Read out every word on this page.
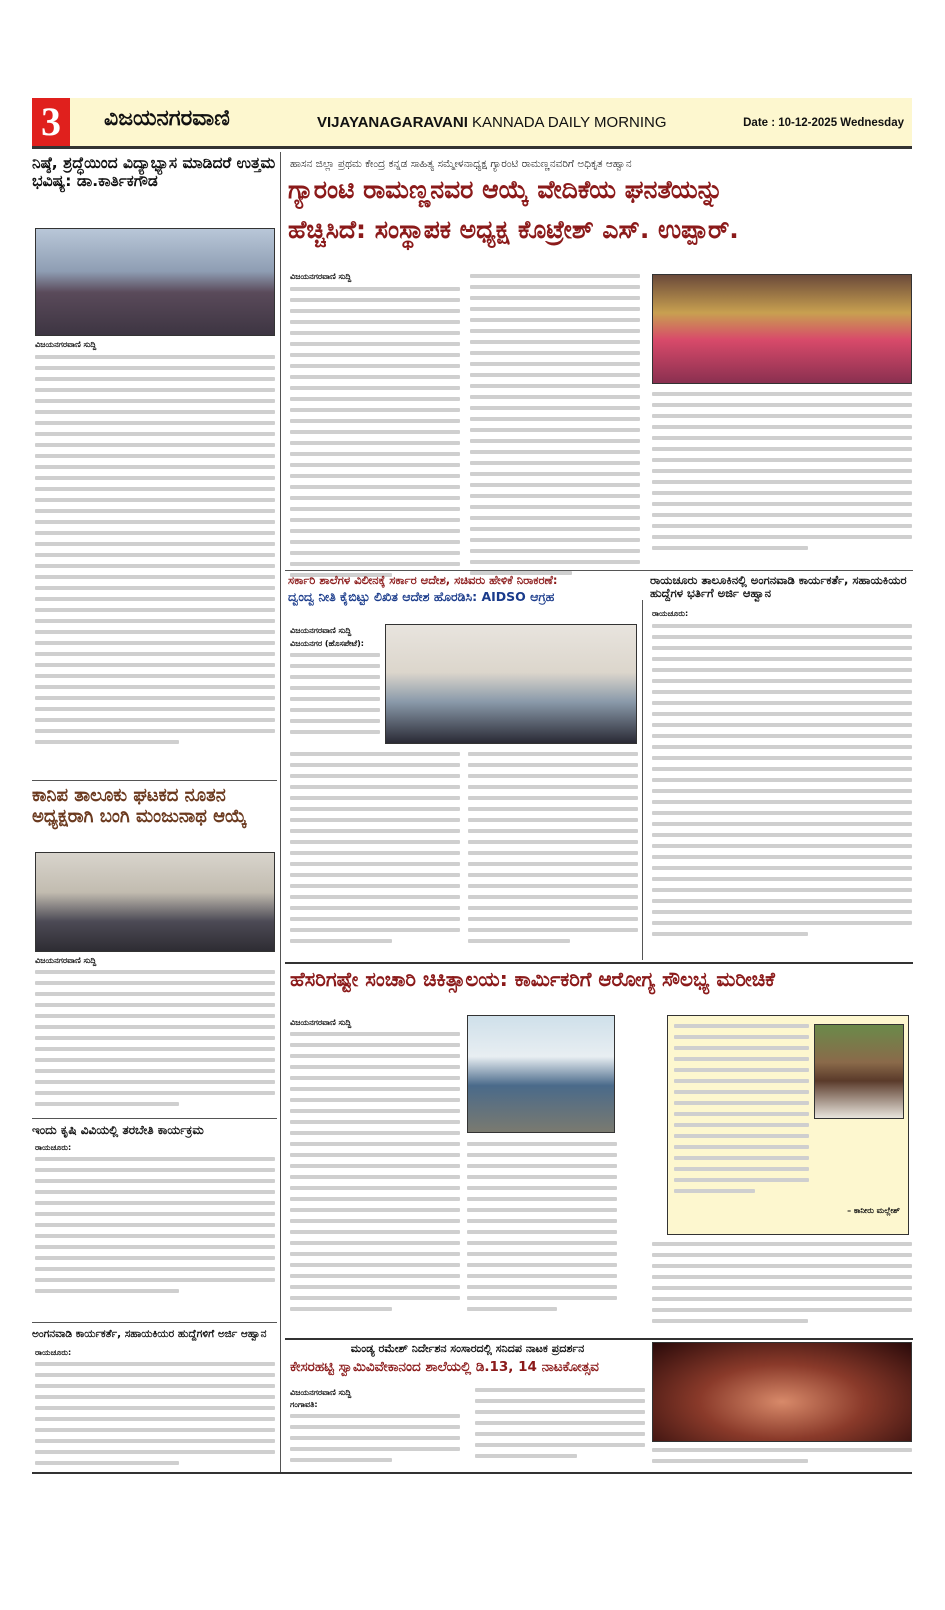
3	ವಿಜಯನಗರವಾಣಿ	VIJAYANAGARAVANI KANNADA DAILY MORNING	Date : 10-12-2025 Wednesday
ನಿಷ್ಠೆ, ಶ್ರದ್ಧೆಯಿಂದ ವಿದ್ಯಾಭ್ಯಾಸ ಮಾಡಿದರೆ ಉತ್ತಮ ಭವಿಷ್ಯ: ಡಾ.ಕಾರ್ತಿಕಗೌಡ
ವಿಜಯನಗರವಾಣಿ ಸುದ್ದಿ
ಕಾನಿಪ ತಾಲೂಕು ಘಟಕದ ನೂತನ ಅಧ್ಯಕ್ಷರಾಗಿ ಬಂಗಿ ಮಂಜುನಾಥ ಆಯ್ಕೆ
ವಿಜಯನಗರವಾಣಿ ಸುದ್ದಿ
ಇಂದು ಕೃಷಿ ವಿವಿಯಲ್ಲಿ ತರಬೇತಿ ಕಾರ್ಯಕ್ರಮ
ರಾಯಚೂರು:
ಅಂಗನವಾಡಿ ಕಾರ್ಯಕರ್ತೆ, ಸಹಾಯಕಿಯರ ಹುದ್ದೆಗಳಿಗೆ ಅರ್ಜಿ ಆಹ್ವಾನ
ರಾಯಚೂರು:
ಹಾಸನ ಜಿಲ್ಲಾ ಪ್ರಥಮ ಕೇಂದ್ರ ಕನ್ನಡ ಸಾಹಿತ್ಯ ಸಮ್ಮೇಳನಾಧ್ಯಕ್ಷ ಗ್ಯಾರಂಟಿ ರಾಮಣ್ಣನವರಿಗೆ ಅಧಿಕೃತ ಆಹ್ವಾನ
ಗ್ಯಾರಂಟಿ ರಾಮಣ್ಣನವರ ಆಯ್ಕೆ ವೇದಿಕೆಯ ಘನತೆಯನ್ನು
ಹೆಚ್ಚಿಸಿದೆ: ಸಂಸ್ಥಾಪಕ ಅಧ್ಯಕ್ಷ ಕೊಟ್ರೇಶ್ ಎಸ್. ಉಪ್ಪಾರ್.
ವಿಜಯನಗರವಾಣಿ ಸುದ್ದಿ
ಸರ್ಕಾರಿ ಶಾಲೆಗಳ ವಿಲೀನಕ್ಕೆ ಸರ್ಕಾರ ಆದೇಶ, ಸಚಿವರು ಹೇಳಿಕೆ ನಿರಾಕರಣೆ:
ದ್ವಂದ್ವ ನೀತಿ ಕೈಬಿಟ್ಟು ಲಿಖಿತ ಆದೇಶ ಹೊರಡಿಸಿ: AIDSO ಆಗ್ರಹ
ವಿಜಯನಗರವಾಣಿ ಸುದ್ದಿ
ವಿಜಯನಗರ (ಹೊಸಪೇಟೆ):
ರಾಯಚೂರು ತಾಲೂಕಿನಲ್ಲಿ ಅಂಗನವಾಡಿ ಕಾರ್ಯಕರ್ತೆ, ಸಹಾಯಕಿಯರ ಹುದ್ದೆಗಳ ಭರ್ತಿಗೆ ಅರ್ಜಿ ಆಹ್ವಾನ
ರಾಯಚೂರು:
ಹೆಸರಿಗಷ್ಟೇ ಸಂಚಾರಿ ಚಿಕಿತ್ಸಾಲಯ: ಕಾರ್ಮಿಕರಿಗೆ ಆರೋಗ್ಯ ಸೌಲಭ್ಯ ಮರೀಚಿಕೆ
ವಿಜಯನಗರವಾಣಿ ಸುದ್ದಿ
– ಕಾನೀರು ಮಲ್ಲೇಶ್
ಮಂಡ್ಯ ರಮೇಶ್ ನಿರ್ದೇಶನ ಸಂಸಾರದಲ್ಲಿ ಸನಿದಪ ನಾಟಕ ಪ್ರದರ್ಶನ
ಕೇಸರಹಟ್ಟಿ ಸ್ವಾಮಿವಿವೇಕಾನಂದ ಶಾಲೆಯಲ್ಲಿ ಡಿ.13, 14 ನಾಟಕೋತ್ಸವ
ವಿಜಯನಗರವಾಣಿ ಸುದ್ದಿ
ಗಂಗಾವತಿ:
